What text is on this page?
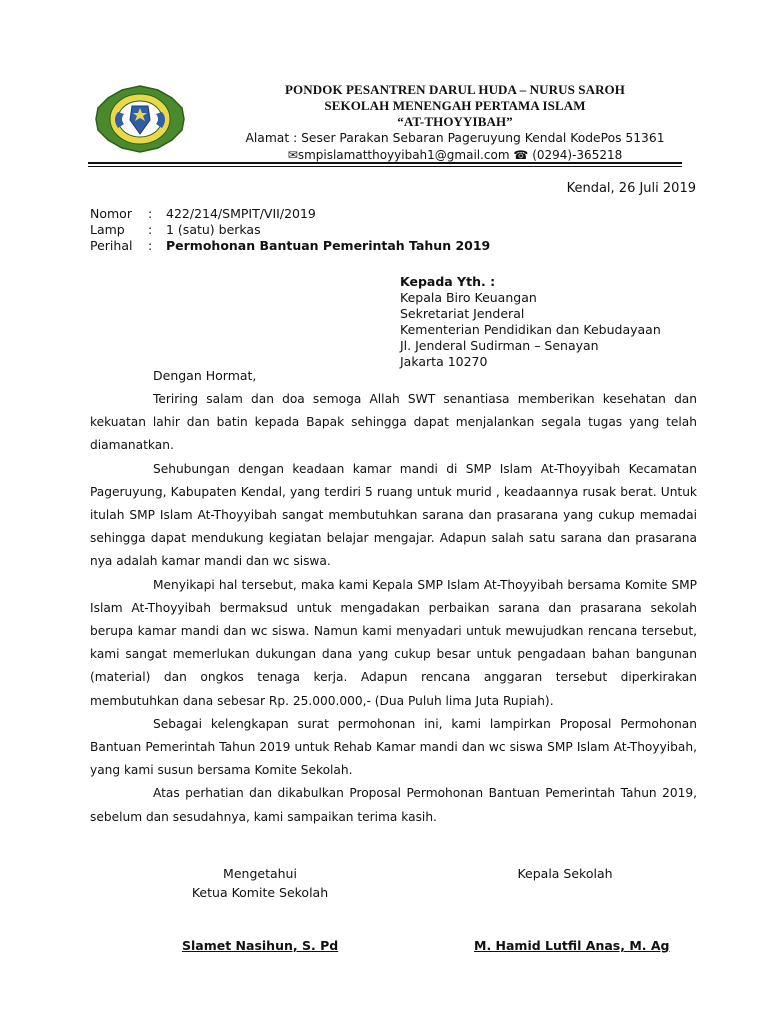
PONDOK PESANTREN DARUL HUDA – NURUS SAROH
SEKOLAH MENENGAH PERTAMA ISLAM
“AT-THOYYIBAH”
Alamat : Seser Parakan Sebaran Pageruyung Kendal KodePos 51361
✉smpislamatthoyyibah1@gmail.com ☎ (0294)-365218
Kendal, 26 Juli 2019
Nomor	:	422/214/SMPIT/VII/2019
Lamp	:	1 (satu) berkas
Perihal	:	Permohonan Bantuan Pemerintah Tahun 2019
Kepada Yth. :
Kepala Biro Keuangan
Sekretariat Jenderal
Kementerian Pendidikan dan Kebudayaan
Jl. Jenderal Sudirman – Senayan
Jakarta 10270
Dengan Hormat,

Teriring salam dan doa semoga Allah SWT senantiasa memberikan kesehatan dan kekuatan lahir dan batin kepada Bapak sehingga dapat menjalankan segala tugas yang telah diamanatkan.

Sehubungan dengan keadaan kamar mandi di SMP Islam At-Thoyyibah Kecamatan Pageruyung, Kabupaten Kendal, yang terdiri 5 ruang untuk murid , keadaannya rusak berat. Untuk itulah SMP Islam At-Thoyyibah sangat membutuhkan sarana dan prasarana yang cukup memadai sehingga dapat mendukung kegiatan belajar mengajar. Adapun salah satu sarana dan prasarana nya adalah kamar mandi dan wc siswa.

Menyikapi hal tersebut, maka kami Kepala SMP Islam At-Thoyyibah bersama Komite SMP Islam At-Thoyyibah bermaksud untuk mengadakan perbaikan sarana dan prasarana sekolah berupa kamar mandi dan wc siswa. Namun kami menyadari untuk mewujudkan rencana tersebut, kami sangat memerlukan dukungan dana yang cukup besar untuk pengadaan bahan bangunan (material) dan ongkos tenaga kerja. Adapun rencana anggaran tersebut diperkirakan membutuhkan dana sebesar Rp. 25.000.000,- (Dua Puluh lima Juta Rupiah).

Sebagai kelengkapan surat permohonan ini, kami lampirkan Proposal Permohonan Bantuan Pemerintah Tahun 2019 untuk Rehab Kamar mandi dan wc siswa SMP Islam At-Thoyyibah, yang kami susun bersama Komite Sekolah.

Atas perhatian dan dikabulkan Proposal Permohonan Bantuan Pemerintah Tahun 2019, sebelum dan sesudahnya, kami sampaikan terima kasih.

Mengetahui
Ketua Komite Sekolah
Kepala Sekolah
Slamet Nasihun, S. Pd	M. Hamid Lutfil Anas, M. Ag
